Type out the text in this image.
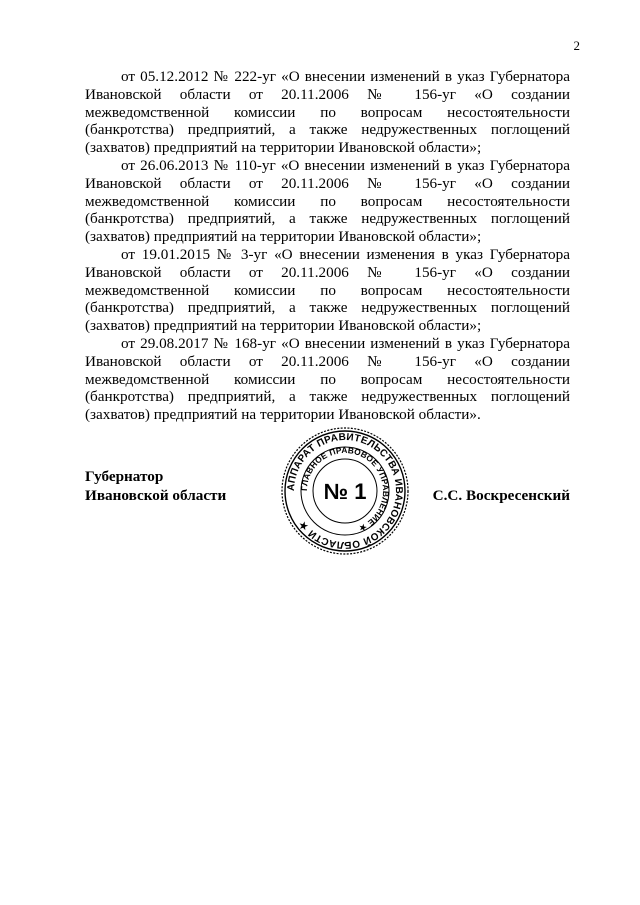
2

от 05.12.2012 № 222-уг «О внесении изменений в указ Губернатора Ивановской области от 20.11.2006 № 156-уг «О создании межведомственной комиссии по вопросам несостоятельности (банкротства) предприятий, а также недружественных поглощений (захватов) предприятий на территории Ивановской области»;

от 26.06.2013 № 110-уг «О внесении изменений в указ Губернатора Ивановской области от 20.11.2006 № 156-уг «О создании межведомственной комиссии по вопросам несостоятельности (банкротства) предприятий, а также недружественных поглощений (захватов) предприятий на территории Ивановской области»;

от 19.01.2015 № 3-уг «О внесении изменения в указ Губернатора Ивановской области от 20.11.2006 № 156-уг «О создании межведомственной комиссии по вопросам несостоятельности (банкротства) предприятий, а также недружественных поглощений (захватов) предприятий на территории Ивановской области»;

от 29.08.2017 № 168-уг «О внесении изменений в указ Губернатора Ивановской области от 20.11.2006 № 156-уг «О создании межведомственной комиссии по вопросам несостоятельности (банкротства) предприятий, а также недружественных поглощений (захватов) предприятий на территории Ивановской области».

Губернатор
Ивановской области	АППАРАТ ПРАВИТЕЛЬСТВА ИВАНОВСКОЙ ОБЛАСТИ ★
ГЛАВНОЕ ПРАВОВОЕ УПРАВЛЕНИЕ ★
№ 1	С.С. Воскресенский
